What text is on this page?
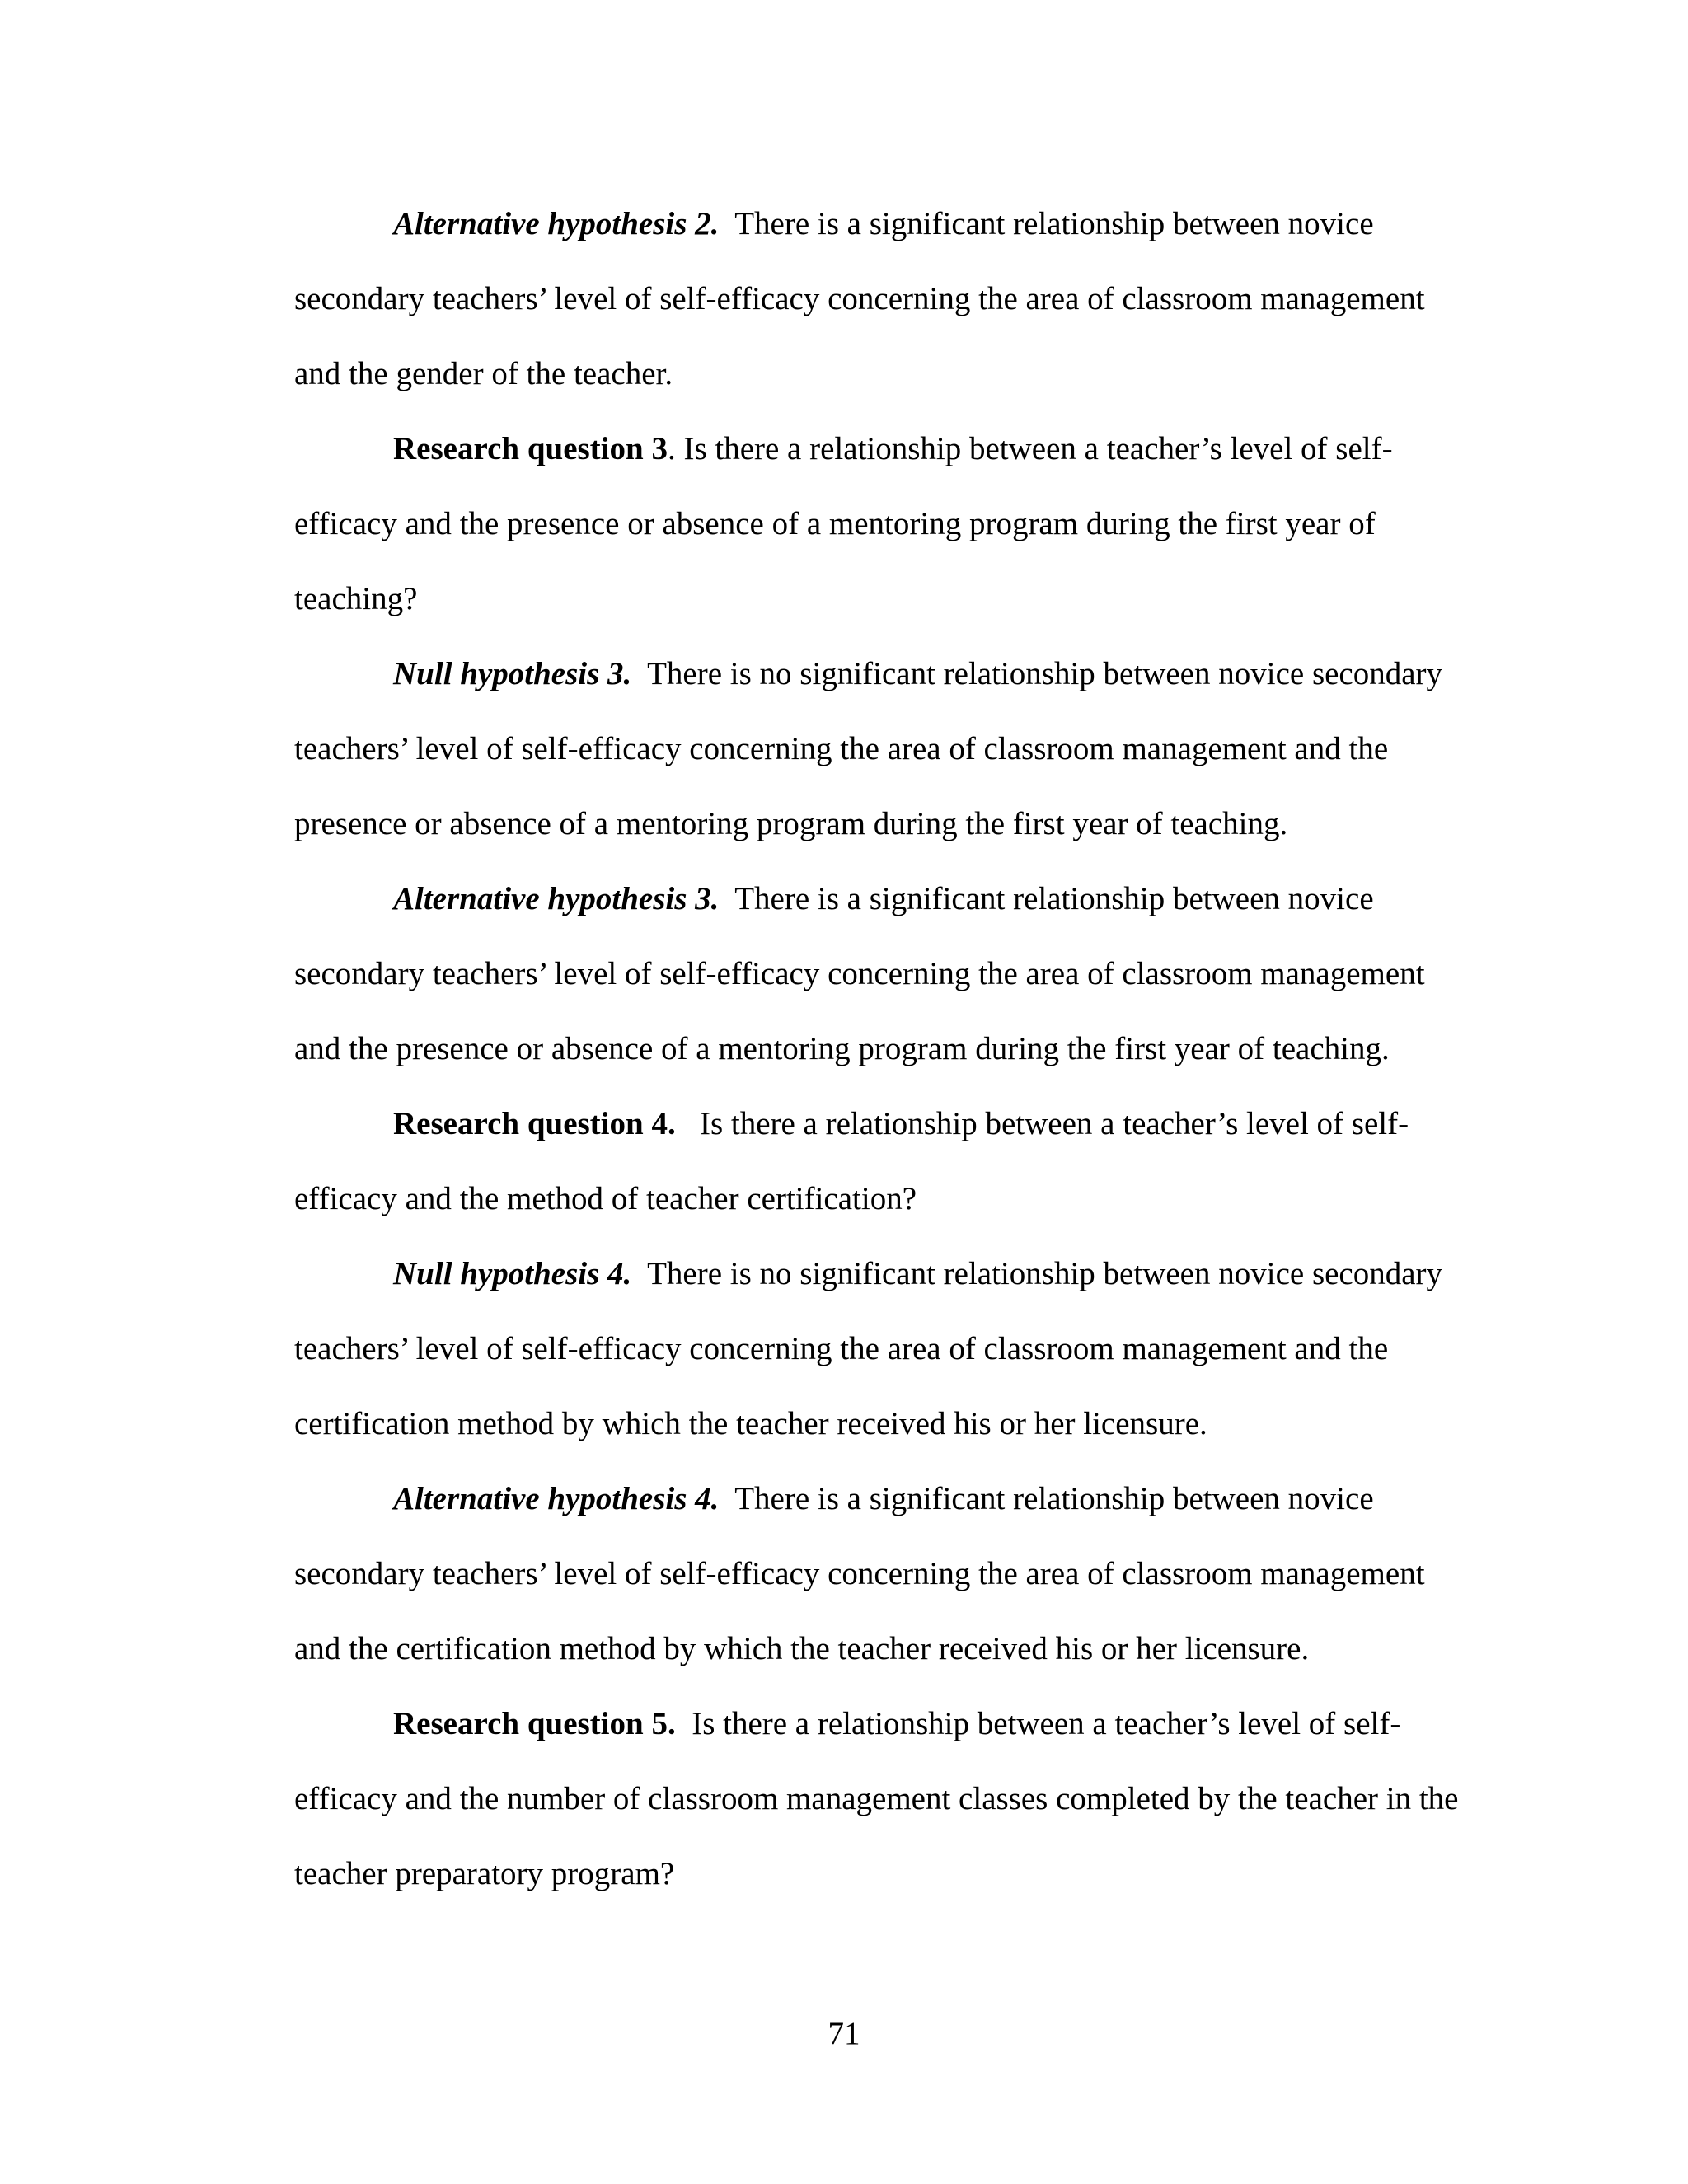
Alternative hypothesis 2. There is a significant relationship between novice secondary teachers’ level of self-efficacy concerning the area of classroom management and the gender of the teacher.

Research question 3. Is there a relationship between a teacher’s level of self-efficacy and the presence or absence of a mentoring program during the first year of teaching?

Null hypothesis 3. There is no significant relationship between novice secondary teachers’ level of self-efficacy concerning the area of classroom management and the presence or absence of a mentoring program during the first year of teaching.

Alternative hypothesis 3. There is a significant relationship between novice secondary teachers’ level of self-efficacy concerning the area of classroom management and the presence or absence of a mentoring program during the first year of teaching.

Research question 4. Is there a relationship between a teacher’s level of self-efficacy and the method of teacher certification?

Null hypothesis 4. There is no significant relationship between novice secondary teachers’ level of self-efficacy concerning the area of classroom management and the certification method by which the teacher received his or her licensure.

Alternative hypothesis 4. There is a significant relationship between novice secondary teachers’ level of self-efficacy concerning the area of classroom management and the certification method by which the teacher received his or her licensure.

Research question 5. Is there a relationship between a teacher’s level of self-efficacy and the number of classroom management classes completed by the teacher in the teacher preparatory program?

71
